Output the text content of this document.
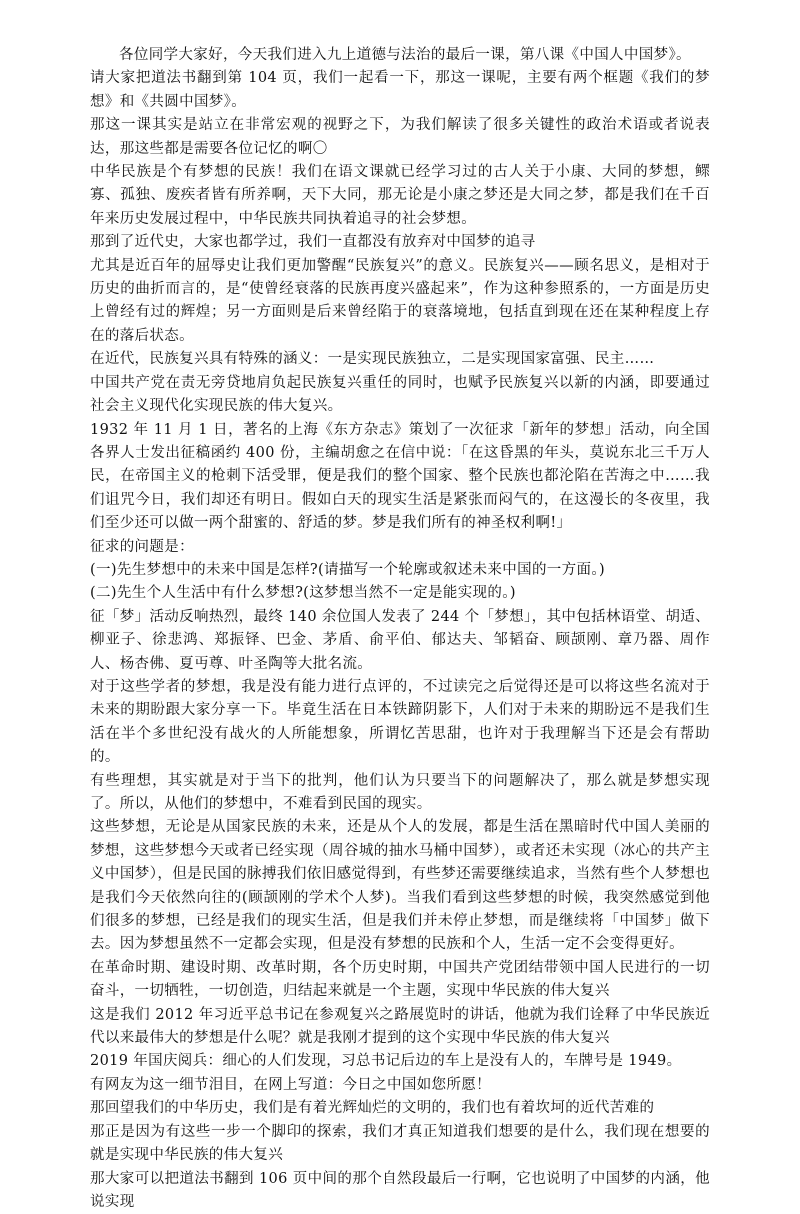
各位同学大家好，今天我们进入九上道德与法治的最后一课，第八课《中国人中国梦》。

请大家把道法书翻到第 104 页，我们一起看一下，那这一课呢，主要有两个框题《我们的梦想》和《共圆中国梦》。

那这一课其实是站立在非常宏观的视野之下，为我们解读了很多关键性的政治术语或者说表达，那这些都是需要各位记忆的啊〇

中华民族是个有梦想的民族！我们在语文课就已经学习过的古人关于小康、大同的梦想，鳏寡、孤独、废疾者皆有所养啊，天下大同，那无论是小康之梦还是大同之梦，都是我们在千百年来历史发展过程中，中华民族共同执着追寻的社会梦想。

那到了近代史，大家也都学过，我们一直都没有放弃对中国梦的追寻

尤其是近百年的屈辱史让我们更加警醒“民族复兴”的意义。民族复兴——顾名思义，是相对于历史的曲折而言的，是“使曾经衰落的民族再度兴盛起来”，作为这种参照系的，一方面是历史上曾经有过的辉煌；另一方面则是后来曾经陷于的衰落境地，包括直到现在还在某种程度上存在的落后状态。

在近代，民族复兴具有特殊的涵义：一是实现民族独立，二是实现国家富强、民主……

中国共产党在责无旁贷地肩负起民族复兴重任的同时，也赋予民族复兴以新的内涵，即要通过社会主义现代化实现民族的伟大复兴。

1932 年 11 月 1 日，著名的上海《东方杂志》策划了一次征求「新年的梦想」活动，向全国各界人士发出征稿函约 400 份，主编胡愈之在信中说：「在这昏黑的年头，莫说东北三千万人民，在帝国主义的枪刺下活受罪，便是我们的整个国家、整个民族也都沦陷在苦海之中……我们诅咒今日，我们却还有明日。假如白天的现实生活是紧张而闷气的，在这漫长的冬夜里，我们至少还可以做一两个甜蜜的、舒适的梦。梦是我们所有的神圣权利啊!」

征求的问题是：

(一)先生梦想中的未来中国是怎样?(请描写一个轮廓或叙述未来中国的一方面。)

(二)先生个人生活中有什么梦想?(这梦想当然不一定是能实现的。)

征「梦」活动反响热烈，最终 140 余位国人发表了 244 个「梦想」，其中包括林语堂、胡适、柳亚子、徐悲鸿、郑振铎、巴金、茅盾、俞平伯、郁达夫、邹韬奋、顾颉刚、章乃器、周作人、杨杏佛、夏丏尊、叶圣陶等大批名流。

对于这些学者的梦想，我是没有能力进行点评的，不过读完之后觉得还是可以将这些名流对于未来的期盼跟大家分享一下。毕竟生活在日本铁蹄阴影下，人们对于未来的期盼远不是我们生活在半个多世纪没有战火的人所能想象，所谓忆苦思甜，也许对于我理解当下还是会有帮助的。

有些理想，其实就是对于当下的批判，他们认为只要当下的问题解决了，那么就是梦想实现了。所以，从他们的梦想中，不难看到民国的现实。

这些梦想，无论是从国家民族的未来，还是从个人的发展，都是生活在黑暗时代中国人美丽的梦想，这些梦想今天或者已经实现（周谷城的抽水马桶中国梦），或者还未实现（冰心的共产主义中国梦），但是民国的脉搏我们依旧感觉得到，有些梦还需要继续追求，当然有些个人梦想也是我们今天依然向往的(顾颉刚的学术个人梦)。当我们看到这些梦想的时候，我突然感觉到他们很多的梦想，已经是我们的现实生活，但是我们并未停止梦想，而是继续将「中国梦」做下去。因为梦想虽然不一定都会实现，但是没有梦想的民族和个人，生活一定不会变得更好。

在革命时期、建设时期、改革时期，各个历史时期，中国共产党团结带领中国人民进行的一切奋斗，一切牺牲，一切创造，归结起来就是一个主题，实现中华民族的伟大复兴

这是我们 2012 年习近平总书记在参观复兴之路展览时的讲话，他就为我们诠释了中华民族近代以来最伟大的梦想是什么呢？就是我刚才提到的这个实现中华民族的伟大复兴

2019 年国庆阅兵：细心的人们发现，习总书记后边的车上是没有人的，车牌号是 1949。

有网友为这一细节泪目，在网上写道：今日之中国如您所愿！

那回望我们的中华历史，我们是有着光辉灿烂的文明的，我们也有着坎坷的近代苦难的

那正是因为有这些一步一个脚印的探索，我们才真正知道我们想要的是什么，我们现在想要的就是实现中华民族的伟大复兴

那大家可以把道法书翻到 106 页中间的那个自然段最后一行啊，它也说明了中国梦的内涵，他说实现
